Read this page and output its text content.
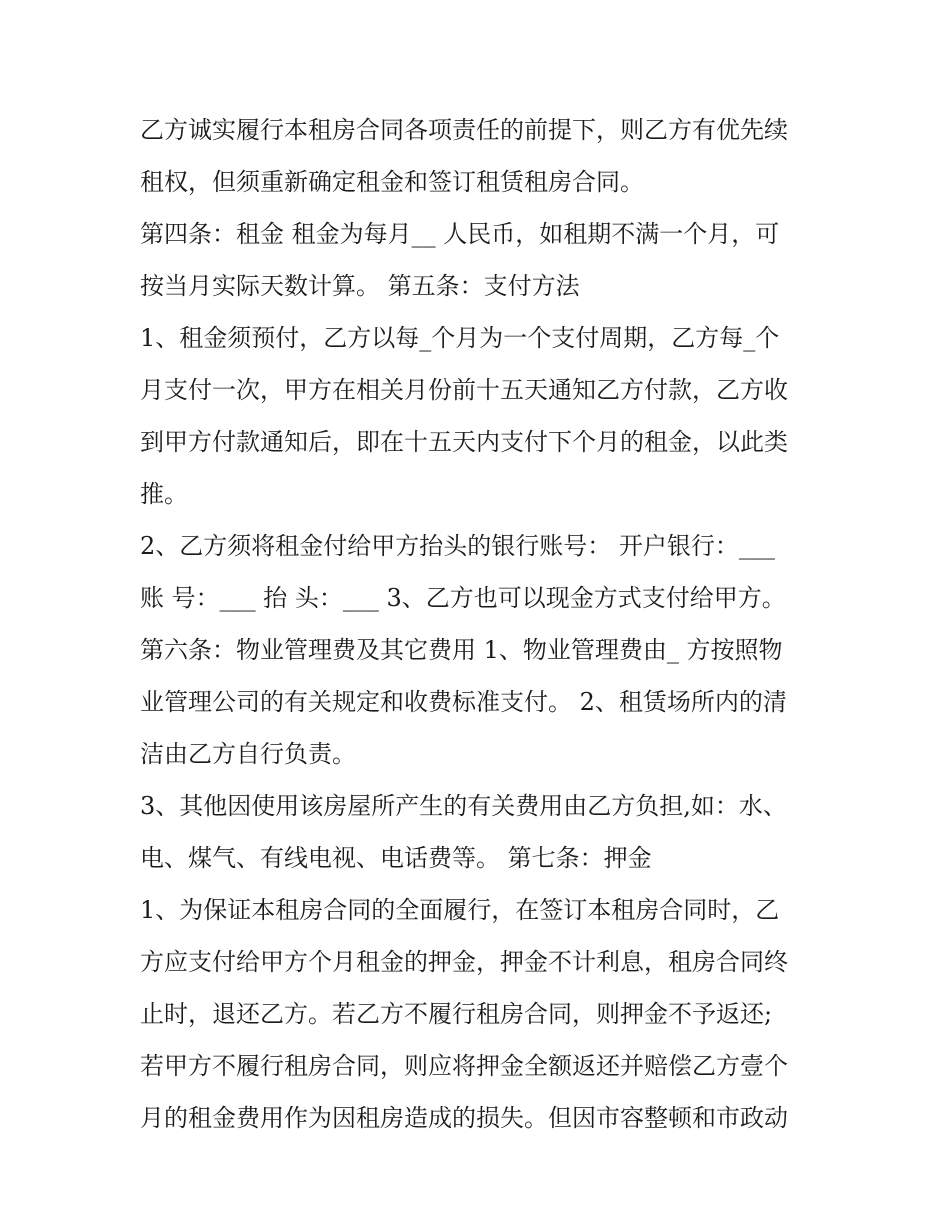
乙方诚实履行本租房合同各项责任的前提下，则乙方有优先续
租权，但须重新确定租金和签订租赁租房合同。
第四条：租金 租金为每月__ 人民币，如租期不满一个月，可
按当月实际天数计算。 第五条：支付方法
1、租金须预付，乙方以每_个月为一个支付周期，乙方每_个
月支付一次，甲方在相关月份前十五天通知乙方付款，乙方收
到甲方付款通知后，即在十五天内支付下个月的租金，以此类
推。
2、乙方须将租金付给甲方抬头的银行账号： 开户银行：___
账 号：___ 抬 头：___ 3、乙方也可以现金方式支付给甲方。
第六条：物业管理费及其它费用 1、物业管理费由_ 方按照物
业管理公司的有关规定和收费标准支付。 2、租赁场所内的清
洁由乙方自行负责。
3、其他因使用该房屋所产生的有关费用由乙方负担,如：水、
电、煤气、有线电视、电话费等。 第七条：押金
1、为保证本租房合同的全面履行，在签订本租房合同时，乙
方应支付给甲方个月租金的押金，押金不计利息，租房合同终
止时，退还乙方。若乙方不履行租房合同，则押金不予返还;
若甲方不履行租房合同，则应将押金全额返还并赔偿乙方壹个
月的租金费用作为因租房造成的损失。但因市容整顿和市政动
